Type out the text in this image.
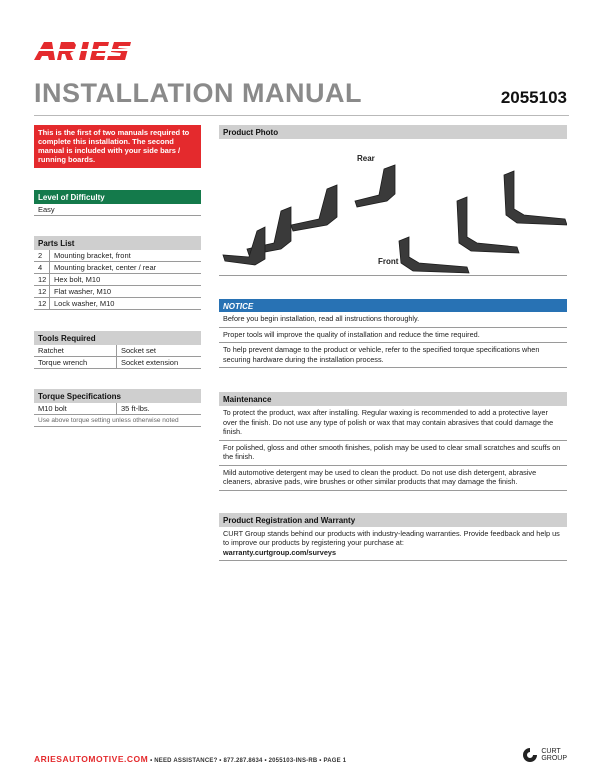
INSTALLATION MANUAL	2055103
This is the first of two manuals required to complete this installation. The second manual is included with your side bars / running boards.
Level of Difficulty
Easy
Parts List
2	Mounting bracket, front
4	Mounting bracket, center / rear
12	Hex bolt, M10
12	Flat washer, M10
12	Lock washer, M10
Tools Required
Ratchet	Socket set
Torque wrench	Socket extension
Torque Specifications
M10 bolt	35 ft-lbs.
Use above torque setting unless otherwise noted
Product Photo
Rear
Front
NOTICE
Before you begin installation, read all instructions thoroughly.
Proper tools will improve the quality of installation and reduce the time required.
To help prevent damage to the product or vehicle, refer to the specified torque specifications when securing hardware during the installation process.
Maintenance
To protect the product, wax after installing. Regular waxing is recommended to add a protective layer over the finish. Do not use any type of polish or wax that may contain abrasives that could damage the finish.
For polished, gloss and other smooth finishes, polish may be used to clear small scratches and scuffs on the finish.
Mild automotive detergent may be used to clean the product. Do not use dish detergent, abrasive cleaners, abrasive pads, wire brushes or other similar products that may damage the finish.
Product Registration and Warranty
CURT Group stands behind our products with industry-leading warranties. Provide feedback and help us to improve our products by registering your purchase at:
warranty.curtgroup.com/surveys
ARIESAUTOMOTIVE.COM • NEED ASSISTANCE? • 877.287.8634 • 2055103-INS-RB • PAGE 1
CURT
GROUP
